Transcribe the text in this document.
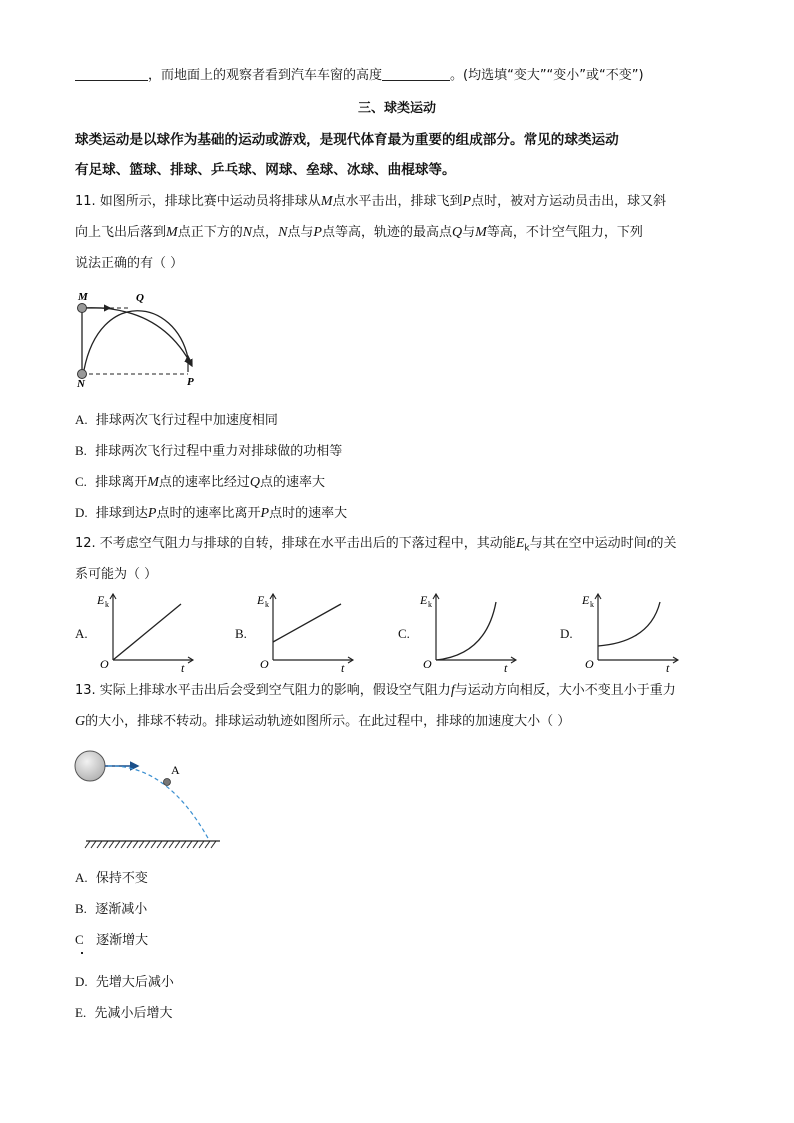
，而地面上的观察者看到汽车车窗的高度	。(均选填“变大”“变小”或“不变”)
三、球类运动
球类运动是以球作为基础的运动或游戏，是现代体育最为重要的组成部分。常见的球类运动
有足球、篮球、排球、乒乓球、网球、垒球、冰球、曲棍球等。
11. 如图所示，排球比赛中运动员将排球从M点水平击出，排球飞到P点时，被对方运动员击出，球又斜
向上飞出后落到M点正下方的N点，N点与P点等高，轨迹的最高点Q与M等高，不计空气阻力，下列
说法正确的有（ ）
M	Q
N	P
A. 排球两次飞行过程中加速度相同
B. 排球两次飞行过程中重力对排球做的功相等
C. 排球离开M点的速率比经过Q点的速率大
D. 排球到达P点时的速率比离开P点时的速率大
12. 不考虑空气阻力与排球的自转，排球在水平击出后的下落过程中，其动能$E_k$与其在空中运动时间t的关
系可能为（ ）
A.
E k
O	t
B.
E k
O	t
C.
E k
O	t
D.
E k
O	t
13. 实际上排球水平击出后会受到空气阻力的影响，假设空气阻力f与运动方向相反，大小不变且小于重力
G的大小，排球不转动。排球运动轨迹如图所示。在此过程中，排球的加速度大小（ ）
A
A. 保持不变
B. 逐渐减小
C 逐渐增大
D. 先增大后减小
E. 先减小后增大
